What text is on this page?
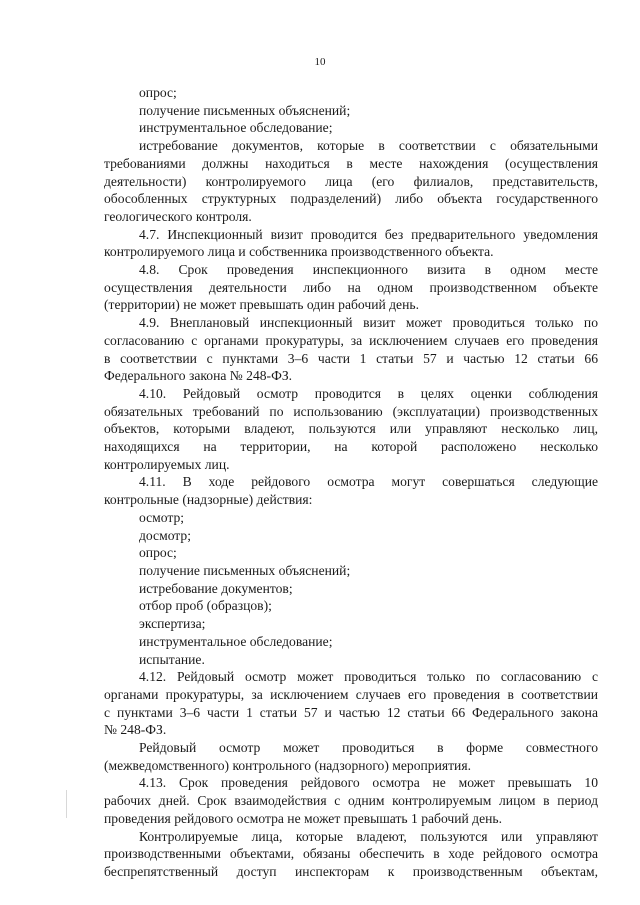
10
опрос;
получение письменных объяснений;
инструментальное обследование;
истребование документов, которые в соответствии с обязательными
требованиями должны находиться в месте нахождения (осуществления
деятельности) контролируемого лица (его филиалов, представительств,
обособленных структурных подразделений) либо объекта государственного
геологического контроля.
4.7. Инспекционный визит проводится без предварительного уведомления
контролируемого лица и собственника производственного объекта.
4.8. Срок проведения инспекционного визита в одном месте
осуществления деятельности либо на одном производственном объекте
(территории) не может превышать один рабочий день.
4.9. Внеплановый инспекционный визит может проводиться только по
согласованию с органами прокуратуры, за исключением случаев его проведения
в соответствии с пунктами 3–6 части 1 статьи 57 и частью 12 статьи 66
Федерального закона № 248-ФЗ.
4.10. Рейдовый осмотр проводится в целях оценки соблюдения
обязательных требований по использованию (эксплуатации) производственных
объектов, которыми владеют, пользуются или управляют несколько лиц,
находящихся на территории, на которой расположено несколько
контролируемых лиц.
4.11. В ходе рейдового осмотра могут совершаться следующие
контрольные (надзорные) действия:
осмотр;
досмотр;
опрос;
получение письменных объяснений;
истребование документов;
отбор проб (образцов);
экспертиза;
инструментальное обследование;
испытание.
4.12. Рейдовый осмотр может проводиться только по согласованию с
органами прокуратуры, за исключением случаев его проведения в соответствии
с пунктами 3–6 части 1 статьи 57 и частью 12 статьи 66 Федерального закона
№ 248-ФЗ.
Рейдовый осмотр может проводиться в форме совместного
(межведомственного) контрольного (надзорного) мероприятия.
4.13. Срок проведения рейдового осмотра не может превышать 10
рабочих дней. Срок взаимодействия с одним контролируемым лицом в период
проведения рейдового осмотра не может превышать 1 рабочий день.
Контролируемые лица, которые владеют, пользуются или управляют
производственными объектами, обязаны обеспечить в ходе рейдового осмотра
беспрепятственный доступ инспекторам к производственным объектам,
